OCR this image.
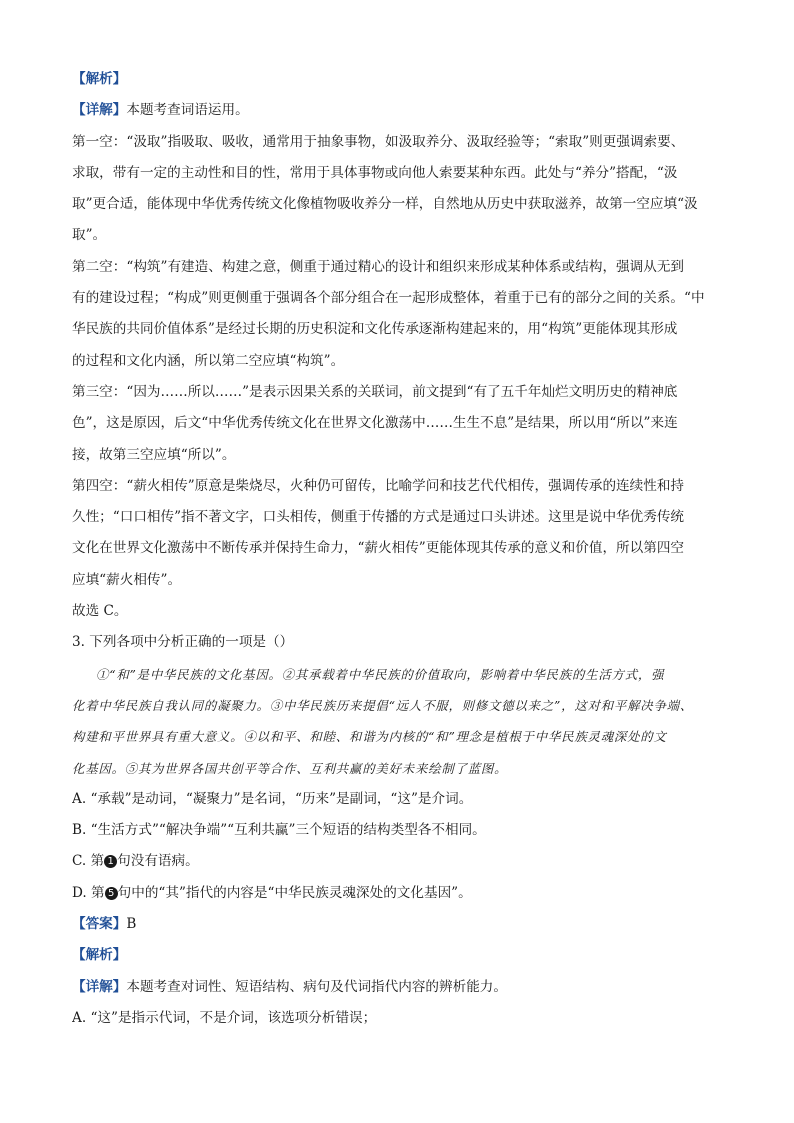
【解析】
【详解】本题考查词语运用。
第一空：“汲取”指吸取、吸收，通常用于抽象事物，如汲取养分、汲取经验等；“索取”则更强调索要、
求取，带有一定的主动性和目的性，常用于具体事物或向他人索要某种东西。此处与“养分”搭配，“汲
取”更合适，能体现中华优秀传统文化像植物吸收养分一样，自然地从历史中获取滋养，故第一空应填“汲
取”。
第二空：“构筑”有建造、构建之意，侧重于通过精心的设计和组织来形成某种体系或结构，强调从无到
有的建设过程；“构成”则更侧重于强调各个部分组合在一起形成整体，着重于已有的部分之间的关系。“中
华民族的共同价值体系”是经过长期的历史积淀和文化传承逐渐构建起来的，用“构筑”更能体现其形成
的过程和文化内涵，所以第二空应填“构筑”。
第三空：“因为……所以……”是表示因果关系的关联词，前文提到“有了五千年灿烂文明历史的精神底
色”，这是原因，后文“中华优秀传统文化在世界文化激荡中……生生不息”是结果，所以用“所以”来连
接，故第三空应填“所以”。
第四空：“薪火相传”原意是柴烧尽，火种仍可留传，比喻学问和技艺代代相传，强调传承的连续性和持
久性；“口口相传”指不著文字，口头相传，侧重于传播的方式是通过口头讲述。这里是说中华优秀传统
文化在世界文化激荡中不断传承并保持生命力，“薪火相传”更能体现其传承的意义和价值，所以第四空
应填“薪火相传”。
故选 C。
3. 下列各项中分析正确的一项是（）
①“和”是中华民族的文化基因。②其承载着中华民族的价值取向，影响着中华民族的生活方式，强
化着中华民族自我认同的凝聚力。③中华民族历来提倡“远人不服，则修文德以来之”，这对和平解决争端、
构建和平世界具有重大意义。④以和平、和睦、和谐为内核的“和”理念是植根于中华民族灵魂深处的文
化基因。⑤其为世界各国共创平等合作、互利共赢的美好未来绘制了蓝图。
A. “承载”是动词，“凝聚力”是名词，“历来”是副词，“这”是介词。
B. “生活方式”“解决争端”“互利共赢”三个短语的结构类型各不相同。
C. 第 1 句没有语病。
D. 第 5 句中的“其”指代的内容是“中华民族灵魂深处的文化基因”。
【答案】B
【解析】
【详解】本题考查对词性、短语结构、病句及代词指代内容的辨析能力。
A. “这”是指示代词，不是介词，该选项分析错误；
